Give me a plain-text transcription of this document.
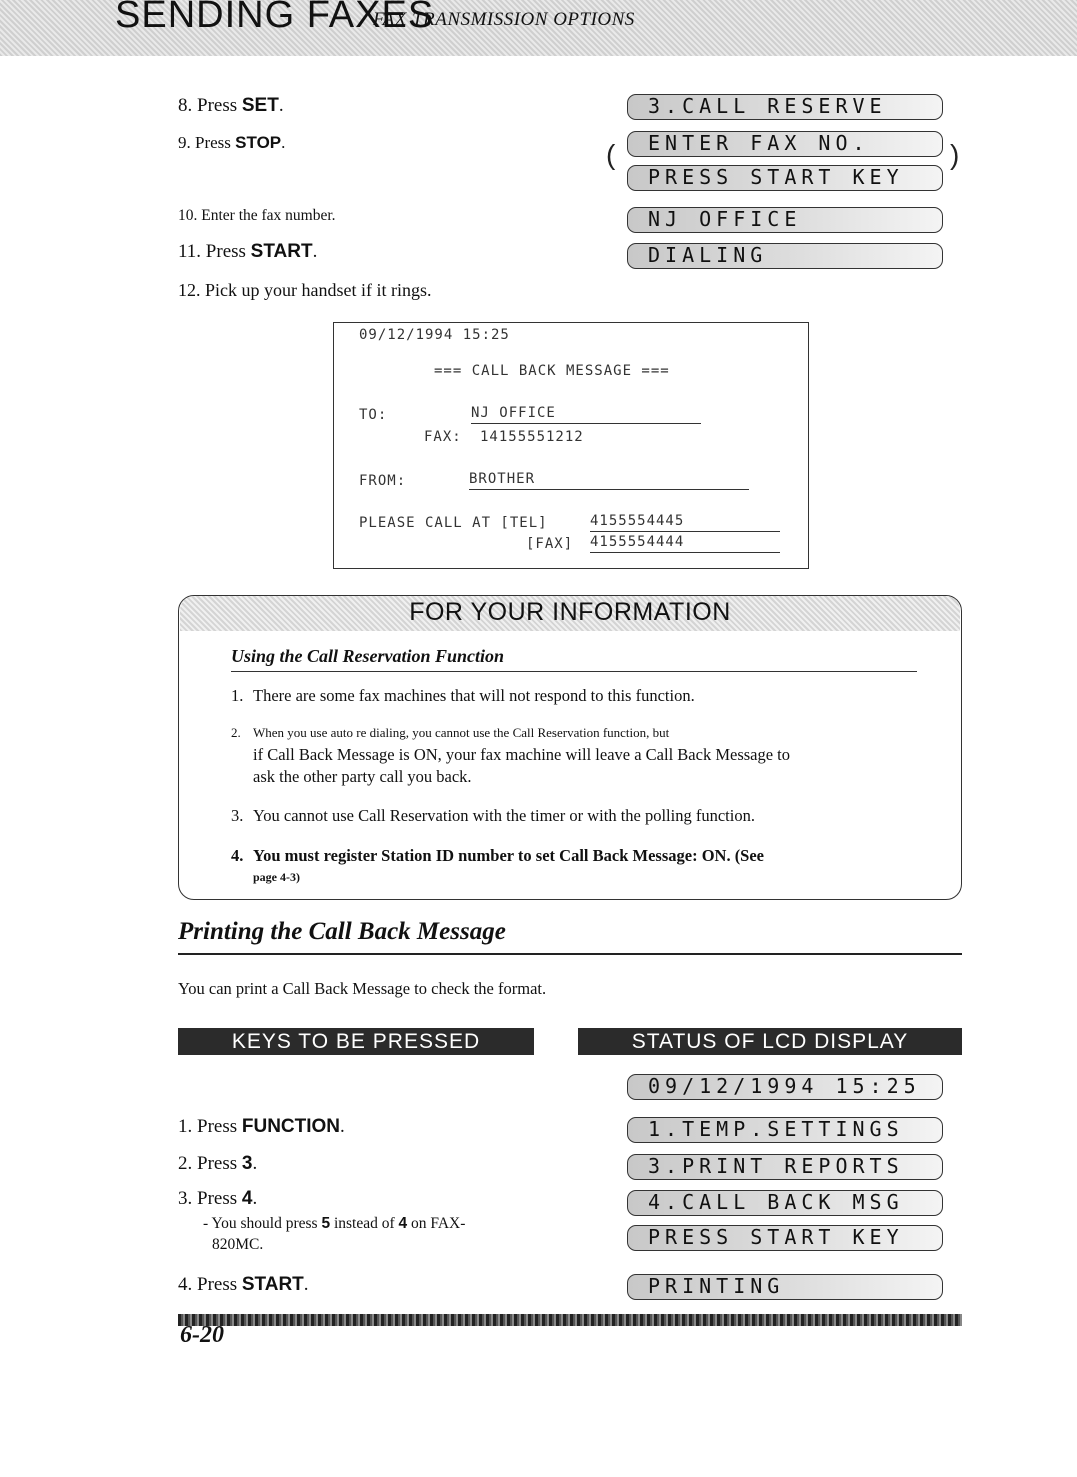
SENDING FAXES
FAX TRANSMISSION OPTIONS
8. Press SET.
9. Press STOP.
10. Enter the fax number.
11. Press START.
12. Pick up your handset if it rings.
3.CALL RESERVE
ENTER FAX NO.
PRESS START KEY
NJ OFFICE
DIALING
(	)
09/12/1994 15:25
=== CALL BACK MESSAGE ===
TO:	NJ OFFICE
FAX: 14155551212
FROM:	BROTHER
PLEASE CALL AT [TEL]	4155554445
[FAX] 4155554444
FOR YOUR INFORMATION
Using the Call Reservation Function
1. There are some fax machines that will not respond to this function.
2. When you use auto re dialing, you cannot use the Call Reservation function, but
if Call Back Message is ON, your fax machine will leave a Call Back Message to
ask the other party call you back.
3. You cannot use Call Reservation with the timer or with the polling function.
4. You must register Station ID number to set Call Back Message: ON. (See
page 4-3)
Printing the Call Back Message
You can print a Call Back Message to check the format.
KEYS TO BE PRESSED	STATUS OF LCD DISPLAY
1. Press FUNCTION.
2. Press 3.
3. Press 4.
- You should press 5 instead of 4 on FAX-
820MC.
4. Press START.
09/12/1994 15:25
1.TEMP.SETTINGS
3.PRINT REPORTS
4.CALL BACK MSG
PRESS START KEY
PRINTING
6-20
